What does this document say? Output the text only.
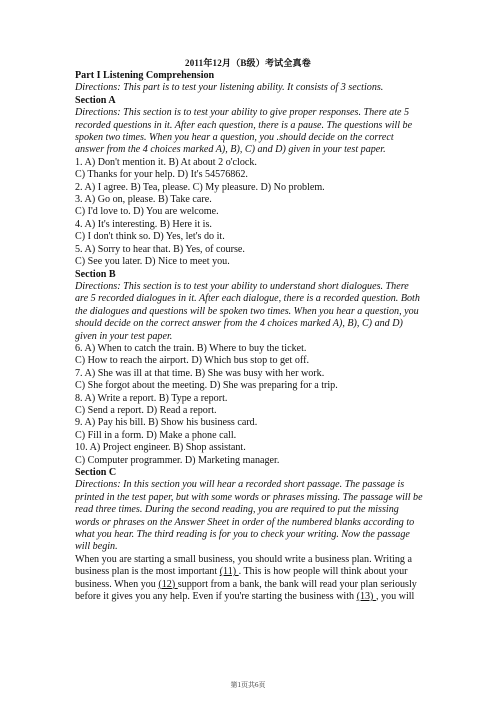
2011年12月（B级）考试全真卷

Part I Listening Comprehension

Directions: This part is to test your listening ability. It consists of 3 sections.

Section A

Directions: This section is to test your ability to give proper responses. There ate 5 recorded questions in it. After each question, there is a pause. The questions will be spoken two times. When you hear a question, you .should decide on the correct answer from the 4 choices marked A), B), C) and D) given in your test paper.

1. A) Don't mention it. B) At about 2 o'clock.

C) Thanks for your help. D) It's 54576862.

2. A) I agree. B) Tea, please. C) My pleasure. D) No problem.

3. A) Go on, please. B) Take care.

C) I'd love to. D) You are welcome.

4. A) It's interesting. B) Here it is.

C) I don't think so. D) Yes, let's do it.

5. A) Sorry to hear that. B) Yes, of course.

C) See you later. D) Nice to meet you.

Section B

Directions: This section is to test your ability to understand short dialogues. There are 5 recorded dialogues in it. After each dialogue, there is a recorded question. Both the dialogues and questions will be spoken two times. When you hear a question, you should decide on the correct answer from the 4 choices marked A), B), C) and D) given in your test paper.

6. A) When to catch the train. B) Where to buy the ticket.

C) How to reach the airport. D) Which bus stop to get off.

7. A) She was ill at that time. B) She was busy with her work.

C) She forgot about the meeting. D) She was preparing for a trip.

8. A) Write a report. B) Type a report.

C) Send a report. D) Read a report.

9. A) Pay his bill. B) Show his business card.

C) Fill in a form. D) Make a phone call.

10. A) Project engineer. B) Shop assistant.

C) Computer programmer. D) Marketing manager.

Section C

Directions: In this section you will hear a recorded short passage. The passage is printed in the test paper, but with some words or phrases missing. The passage will be read three times. During the second reading, you are required to put the missing words or phrases on the Answer Sheet in order of the numbered blanks according to what you hear. The third reading is for you to check your writing. Now the passage will begin.

When you are starting a small business, you should write a business plan. Writing a business plan is the most important (11) . This is how people will think about your business. When you (12) support from a bank, the bank will read your plan seriously before it gives you any help. Even if you're starting the business with (13) , you will

第1页共6页
